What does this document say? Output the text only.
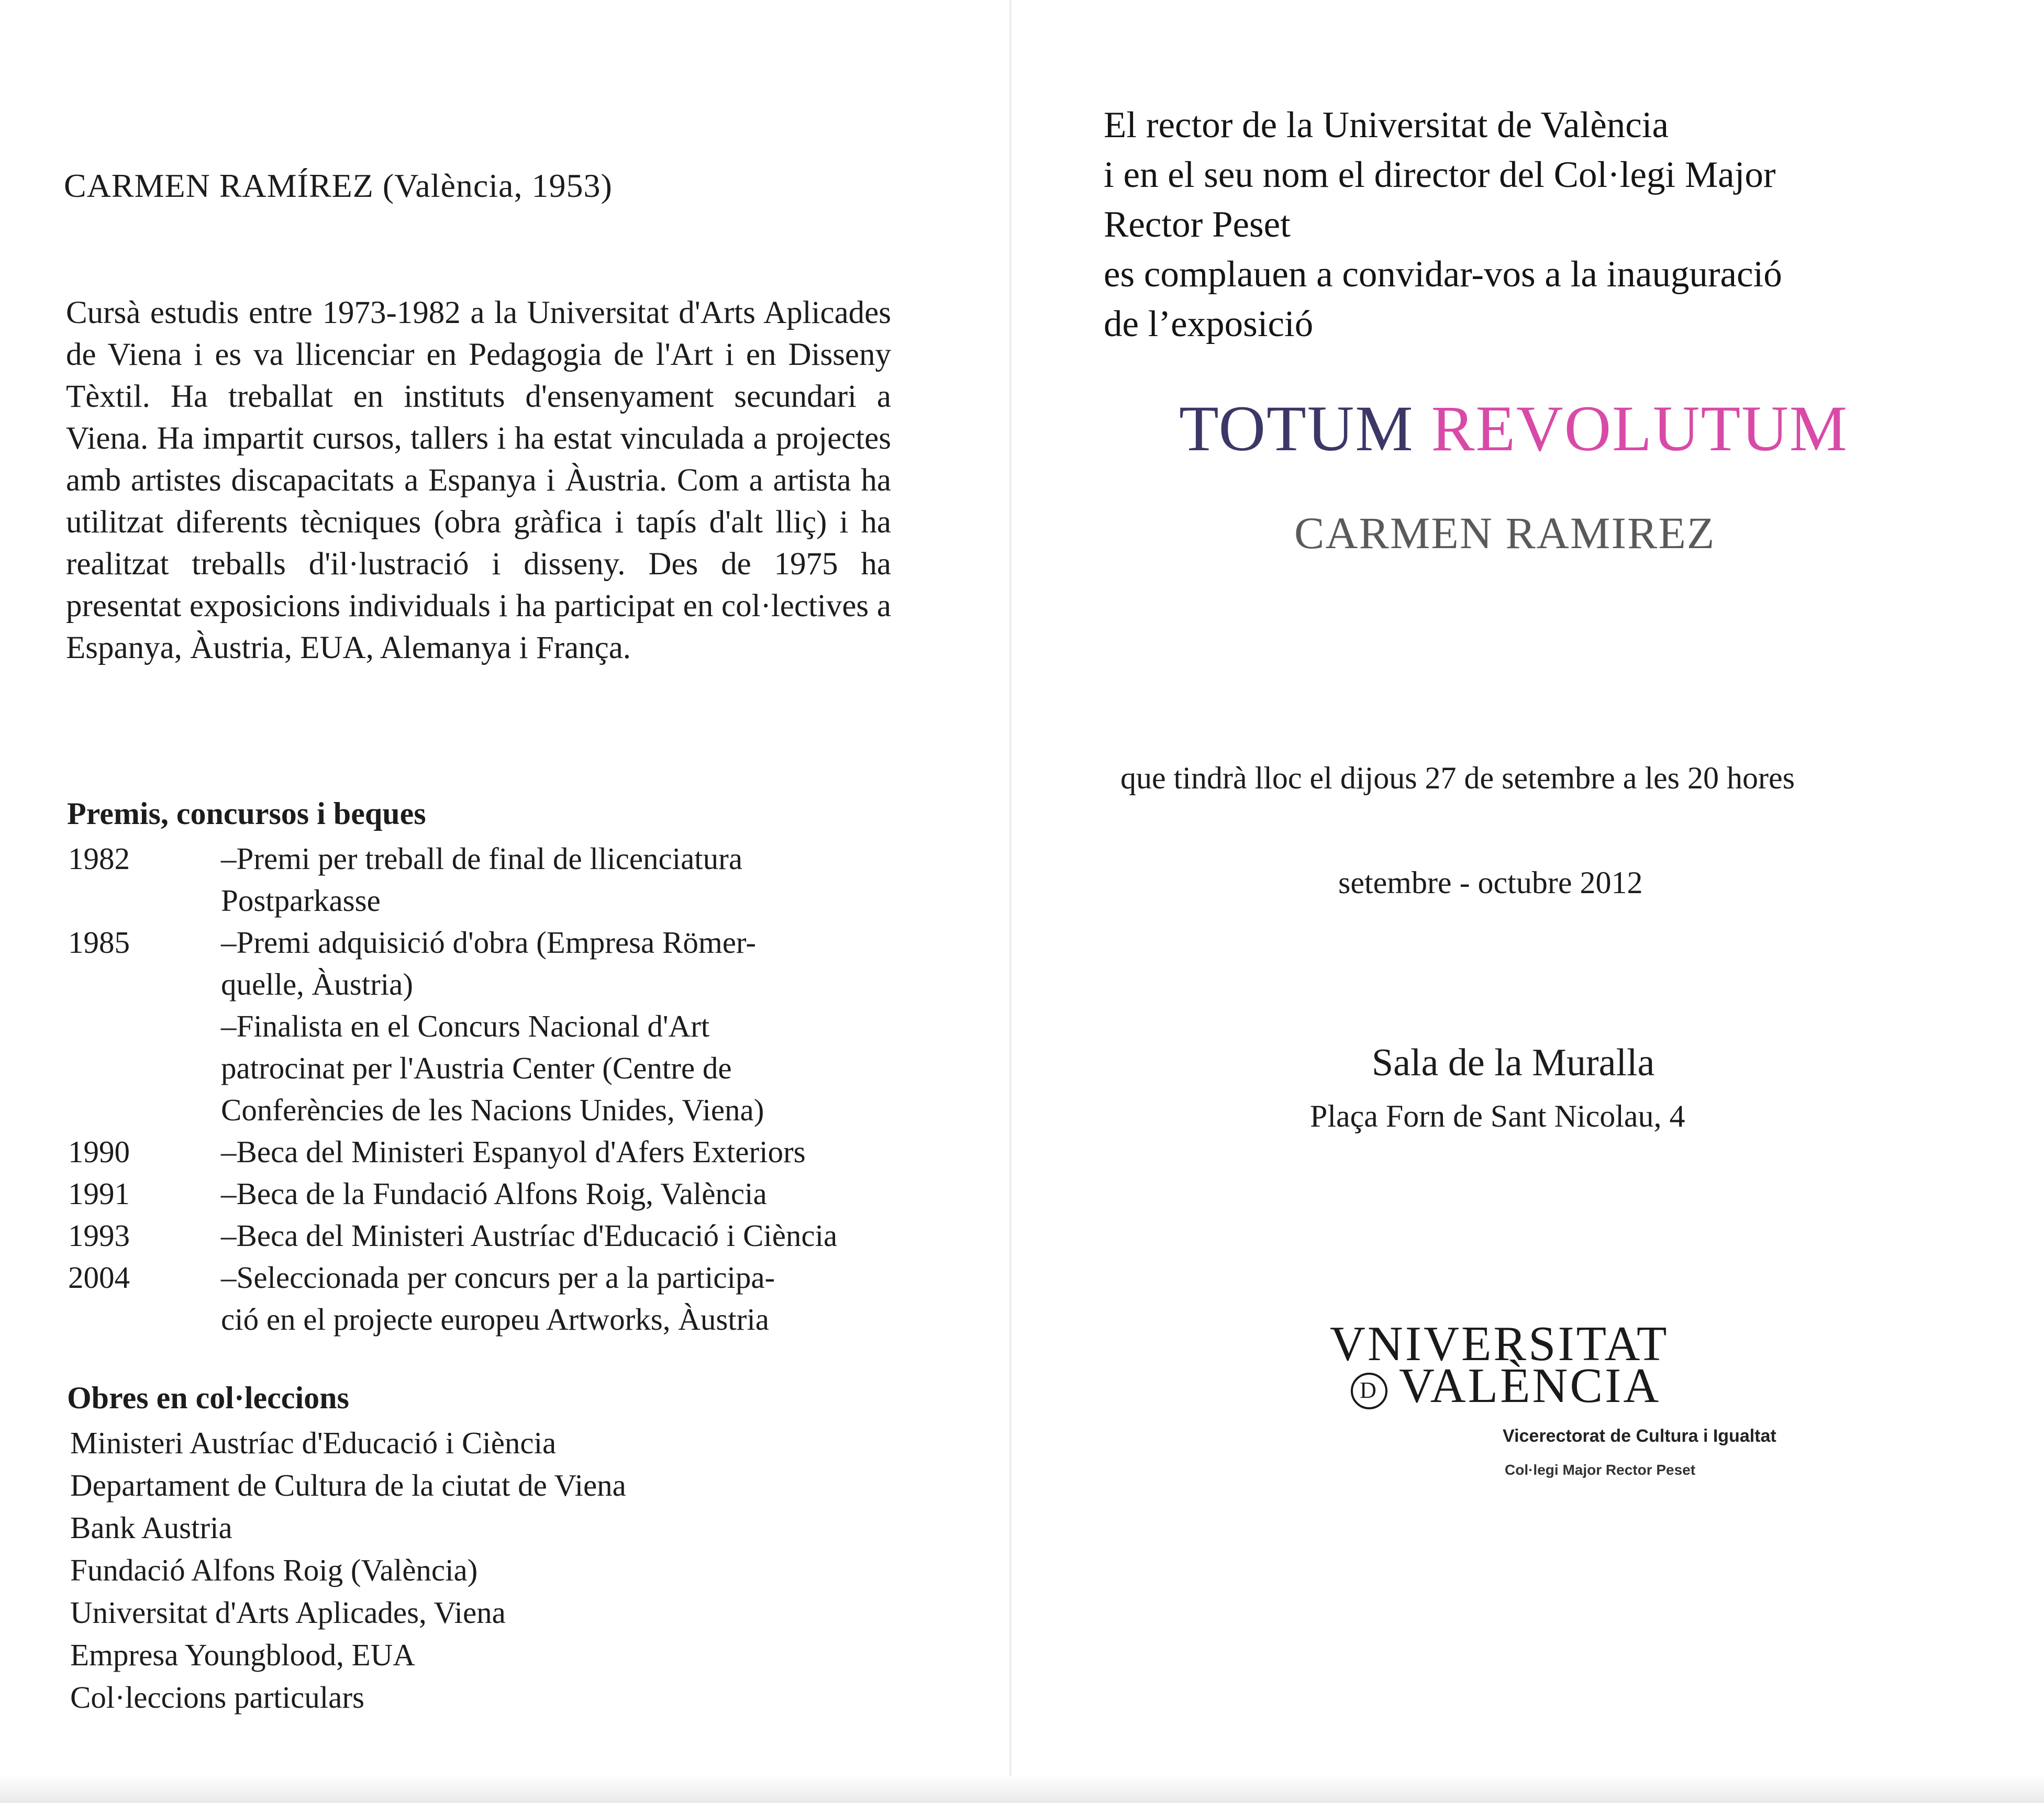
CARMEN RAMÍREZ (València, 1953)
Cursà estudis entre 1973-1982 a la Universitat d'Arts Aplicades de Viena i es va llicenciar en Pedagogia de l'Art i en Disseny Tèxtil. Ha treballat en instituts d'ensenyament secundari a Viena. Ha impartit cursos, tallers i ha estat vinculada a projectes amb artistes discapacitats a Espanya i Àustria. Com a artista ha utilitzat diferents tècniques (obra gràfica i tapís d'alt lliç) i ha realitzat treballs d'il·lustració i disseny. Des de 1975 ha presentat exposicions individuals i ha participat en col·lectives a Espanya, Àustria, EUA, Alemanya i França.
Premis, concursos i beques
1982	–Premi per treball de final de llicenciatura
Postparkasse
1985	–Premi adquisició d'obra (Empresa Römer-
quelle, Àustria)
–Finalista en el Concurs Nacional d'Art
patrocinat per l'Austria Center (Centre de
Conferències de les Nacions Unides, Viena)
1990	–Beca del Ministeri Espanyol d'Afers Exteriors
1991	–Beca de la Fundació Alfons Roig, València
1993	–Beca del Ministeri Austríac d'Educació i Ciència
2004	–Seleccionada per concurs per a la participa-
ció en el projecte europeu Artworks, Àustria
Obres en col·leccions
Ministeri Austríac d'Educació i Ciència
Departament de Cultura de la ciutat de Viena
Bank Austria
Fundació Alfons Roig (València)
Universitat d'Arts Aplicades, Viena
Empresa Youngblood, EUA
Col·leccions particulars
El rector de la Universitat de València
i en el seu nom el director del Col·legi Major
Rector Peset
es complauen a convidar-vos a la inauguració
de l’exposició
TOTUM REVOLUTUM
CARMEN RAMIREZ
que tindrà lloc el dijous 27 de setembre a les 20 hores
setembre - octubre 2012
Sala de la Muralla
Plaça Forn de Sant Nicolau, 4
VNIVERSITAT
D VALÈNCIA
Vicerectorat de Cultura i Igualtat
Col·legi Major Rector Peset
